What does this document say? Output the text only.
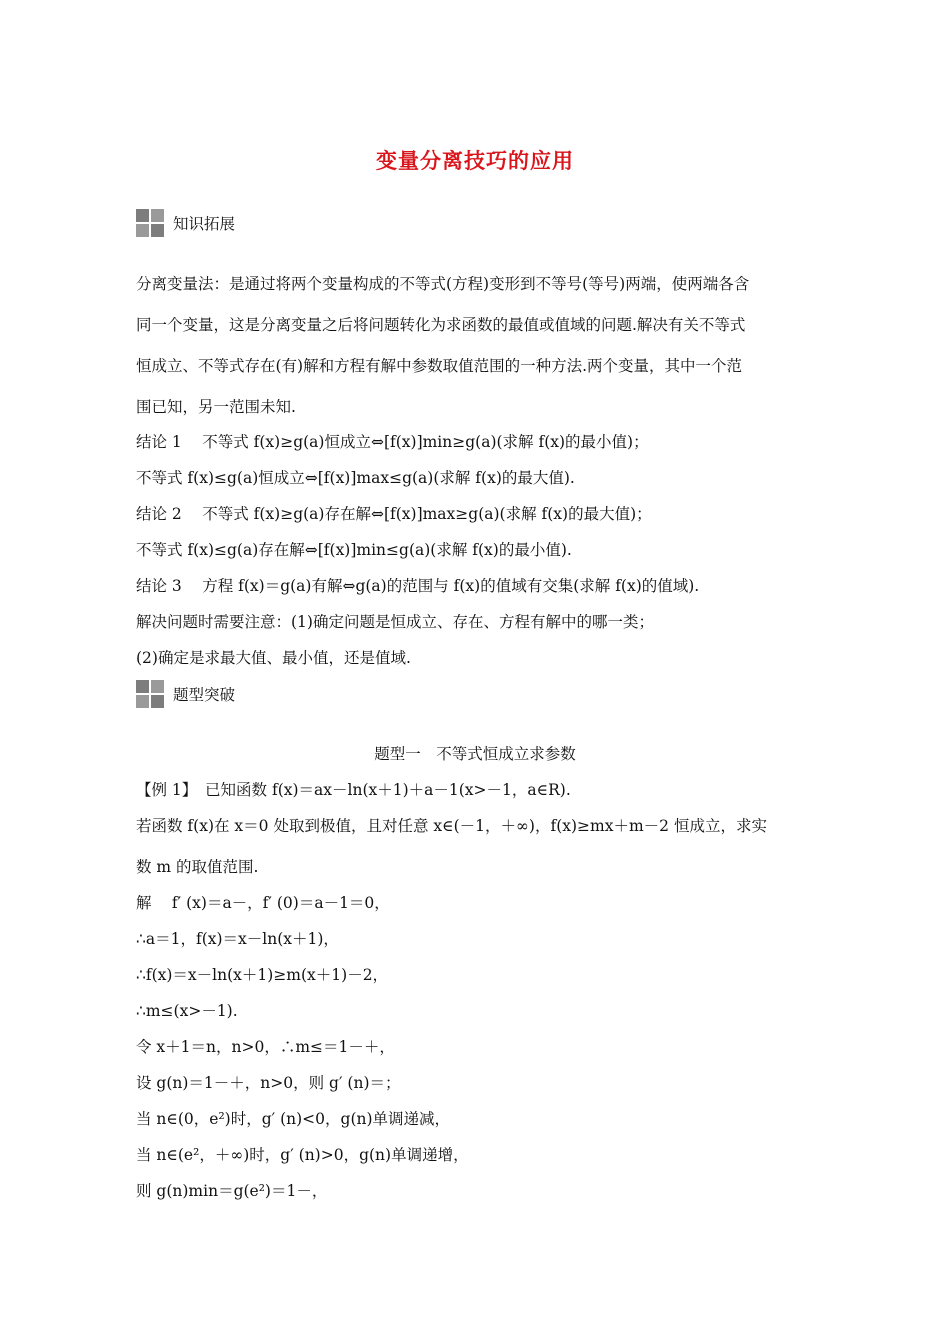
变量分离技巧的应用
知识拓展
分离变量法：是通过将两个变量构成的不等式(方程)变形到不等号(等号)两端，使两端各含
同一个变量，这是分离变量之后将问题转化为求函数的最值或值域的问题.解决有关不等式
恒成立、不等式存在(有)解和方程有解中参数取值范围的一种方法.两个变量，其中一个范
围已知，另一范围未知.
结论 1　 不等式 f(x)≥g(a)恒成立⇔[f(x)]min≥g(a)(求解 f(x)的最小值)；
不等式 f(x)≤g(a)恒成立⇔[f(x)]max≤g(a)(求解 f(x)的最大值).
结论 2　 不等式 f(x)≥g(a)存在解⇔[f(x)]max≥g(a)(求解 f(x)的最大值)；
不等式 f(x)≤g(a)存在解⇔[f(x)]min≤g(a)(求解 f(x)的最小值).
结论 3　 方程 f(x)＝g(a)有解⇔g(a)的范围与 f(x)的值域有交集(求解 f(x)的值域).
解决问题时需要注意：(1)确定问题是恒成立、存在、方程有解中的哪一类；
(2)确定是求最大值、最小值，还是值域.
题型突破
题型一　不等式恒成立求参数
【例 1】　已知函数 f(x)＝ax－ln(x＋1)＋a－1(x>－1，a∈R).
若函数 f(x)在 x＝0 处取到极值，且对任意 x∈(－1，＋∞)，f(x)≥mx＋m－2 恒成立，求实
数 m 的取值范围.
解　 f′ (x)＝a－，f′ (0)＝a－1＝0，
∴a＝1，f(x)＝x－ln(x＋1)，
∴f(x)＝x－ln(x＋1)≥m(x＋1)－2，
∴m≤(x>－1).
令 x＋1＝n，n>0，∴m≤＝1－＋，
设 g(n)＝1－＋，n>0，则 g′ (n)＝；
当 n∈(0，e²)时，g′ (n)<0，g(n)单调递减，
当 n∈(e²，＋∞)时，g′ (n)>0，g(n)单调递增，
则 g(n)min＝g(e²)＝1－，
